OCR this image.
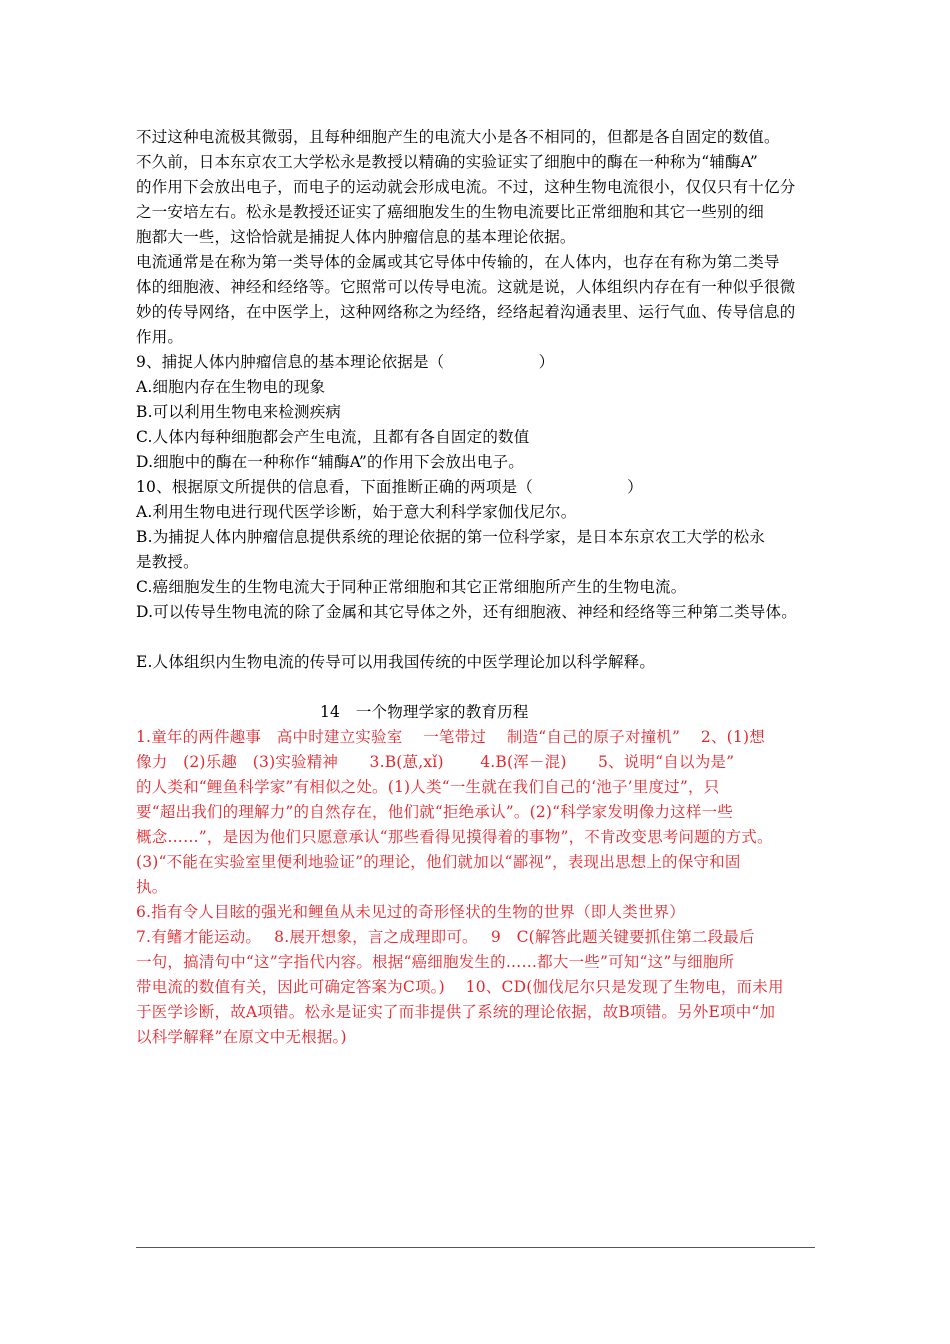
不过这种电流极其微弱，且每种细胞产生的电流大小是各不相同的，但都是各自固定的数值。
不久前，日本东京农工大学松永是教授以精确的实验证实了细胞中的酶在一种称为“辅酶A”
的作用下会放出电子，而电子的运动就会形成电流。不过，这种生物电流很小，仅仅只有十亿分
之一安培左右。松永是教授还证实了癌细胞发生的生物电流要比正常细胞和其它一些别的细
胞都大一些，这恰恰就是捕捉人体内肿瘤信息的基本理论依据。
电流通常是在称为第一类导体的金属或其它导体中传输的，在人体内，也存在有称为第二类导
体的细胞液、神经和经络等。它照常可以传导电流。这就是说，人体组织内存在有一种似乎很微
妙的传导网络，在中医学上，这种网络称之为经络，经络起着沟通表里、运行气血、传导信息的
作用。
9、捕捉人体内肿瘤信息的基本理论依据是（　　　　　　）
A.细胞内存在生物电的现象
B.可以利用生物电来检测疾病
C.人体内每种细胞都会产生电流，且都有各自固定的数值
D.细胞中的酶在一种称作“辅酶A”的作用下会放出电子。
10、根据原文所提供的信息看，下面推断正确的两项是（　　　　　　）
A.利用生物电进行现代医学诊断，始于意大利科学家伽伐尼尔。
B.为捕捉人体内肿瘤信息提供系统的理论依据的第一位科学家，是日本东京农工大学的松永
是教授。
C.癌细胞发生的生物电流大于同种正常细胞和其它正常细胞所产生的生物电流。
D.可以传导生物电流的除了金属和其它导体之外，还有细胞液、神经和经络等三种第二类导体。
E.人体组织内生物电流的传导可以用我国传统的中医学理论加以科学解释。
14　一个物理学家的教育历程
1.童年的两件趣事　高中时建立实验室　 一笔带过　 制造“自己的原子对撞机”　 2、(1)想
像力　(2)乐趣　(3)实验精神　　3.B(葸,xǐ)　　 4.B(浑－混)　　5、说明“自以为是”
的人类和“鲤鱼科学家”有相似之处。(1)人类“一生就在我们自己的‘池子’里度过”，只
要“超出我们的理解力”的自然存在，他们就“拒绝承认”。(2)“科学家发明像力这样一些
概念……”，是因为他们只愿意承认“那些看得见摸得着的事物”，不肯改变思考问题的方式。
(3)“不能在实验室里便利地验证”的理论，他们就加以“鄙视”，表现出思想上的保守和固
执。
6.指有令人目眩的强光和鲤鱼从未见过的奇形怪状的生物的世界（即人类世界）
7.有鳍才能运动。　 8.展开想象，言之成理即可。　 9　C(解答此题关键要抓住第二段最后
一句，搞清句中“这”字指代内容。根据“癌细胞发生的……都大一些”可知“这”与细胞所
带电流的数值有关，因此可确定答案为C项。)　 10、CD(伽伐尼尔只是发现了生物电，而未用
于医学诊断，故A项错。松永是证实了而非提供了系统的理论依据，故B项错。另外E项中“加
以科学解释”在原文中无根据。)
